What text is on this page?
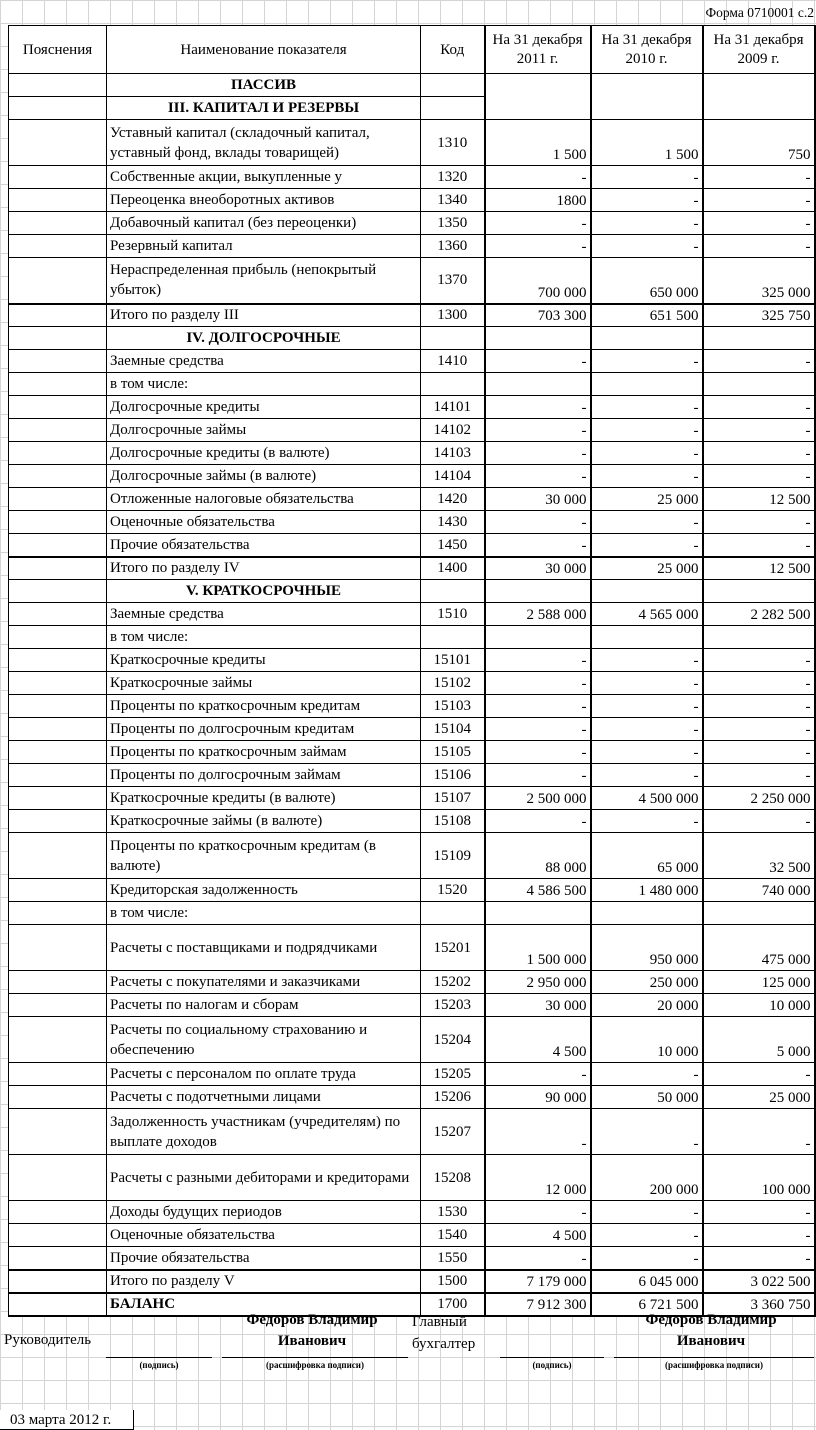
Форма 0710001 с.2
Пояснения	Наименование показателя	Код	На 31 декабря 2011 г.	На 31 декабря 2010 г.	На 31 декабря 2009 г.
	ПАССИВ				
	III. КАПИТАЛ И РЕЗЕРВЫ				
	Уставный капитал (складочный капитал, уставный фонд, вклады товарищей)	1310	1 500	1 500	750
	Собственные акции, выкупленные у	1320	-	-	-
	Переоценка внеоборотных активов	1340	1800	-	-
	Добавочный капитал (без переоценки)	1350	-	-	-
	Резервный капитал	1360	-	-	-
	Нераспределенная прибыль (непокрытый убыток)	1370	700 000	650 000	325 000
	Итого по разделу III	1300	703 300	651 500	325 750
	IV. ДОЛГОСРОЧНЫЕ				
	Заемные средства	1410	-	-	-
	в том числе:				
	Долгосрочные кредиты	14101	-	-	-
	Долгосрочные займы	14102	-	-	-
	Долгосрочные кредиты (в валюте)	14103	-	-	-
	Долгосрочные займы (в валюте)	14104	-	-	-
	Отложенные налоговые обязательства	1420	30 000	25 000	12 500
	Оценочные обязательства	1430	-	-	-
	Прочие обязательства	1450	-	-	-
	Итого по разделу IV	1400	30 000	25 000	12 500
	V. КРАТКОСРОЧНЫЕ				
	Заемные средства	1510	2 588 000	4 565 000	2 282 500
	в том числе:				
	Краткосрочные кредиты	15101	-	-	-
	Краткосрочные займы	15102	-	-	-
	Проценты по краткосрочным кредитам	15103	-	-	-
	Проценты по долгосрочным кредитам	15104	-	-	-
	Проценты по краткосрочным займам	15105	-	-	-
	Проценты по долгосрочным займам	15106	-	-	-
	Краткосрочные кредиты (в валюте)	15107	2 500 000	4 500 000	2 250 000
	Краткосрочные займы (в валюте)	15108	-	-	-
	Проценты по краткосрочным кредитам (в валюте)	15109	88 000	65 000	32 500
	Кредиторская задолженность	1520	4 586 500	1 480 000	740 000
	в том числе:				
	Расчеты с поставщиками и подрядчиками	15201	1 500 000	950 000	475 000
	Расчеты с покупателями и заказчиками	15202	2 950 000	250 000	125 000
	Расчеты по налогам и сборам	15203	30 000	20 000	10 000
	Расчеты по социальному страхованию и обеспечению	15204	4 500	10 000	5 000
	Расчеты с персоналом по оплате труда	15205	-	-	-
	Расчеты с подотчетными лицами	15206	90 000	50 000	25 000
	Задолженность участникам (учредителям) по выплате доходов	15207	-	-	-
	Расчеты с разными дебиторами и кредиторами	15208	12 000	200 000	100 000
	Доходы будущих периодов	1530	-	-	-
	Оценочные обязательства	1540	4 500	-	-
	Прочие обязательства	1550	-	-	-
	Итого по разделу V	1500	7 179 000	6 045 000	3 022 500
	БАЛАНС	1700	7 912 300	6 721 500	3 360 750
Руководитель
Федоров Владимир Иванович
(подпись)	(расшифровка подписи)
Главный бухгалтер
Федоров Владимир Иванович
(подпись)	(расшифровка подписи)
03 марта 2012 г.
